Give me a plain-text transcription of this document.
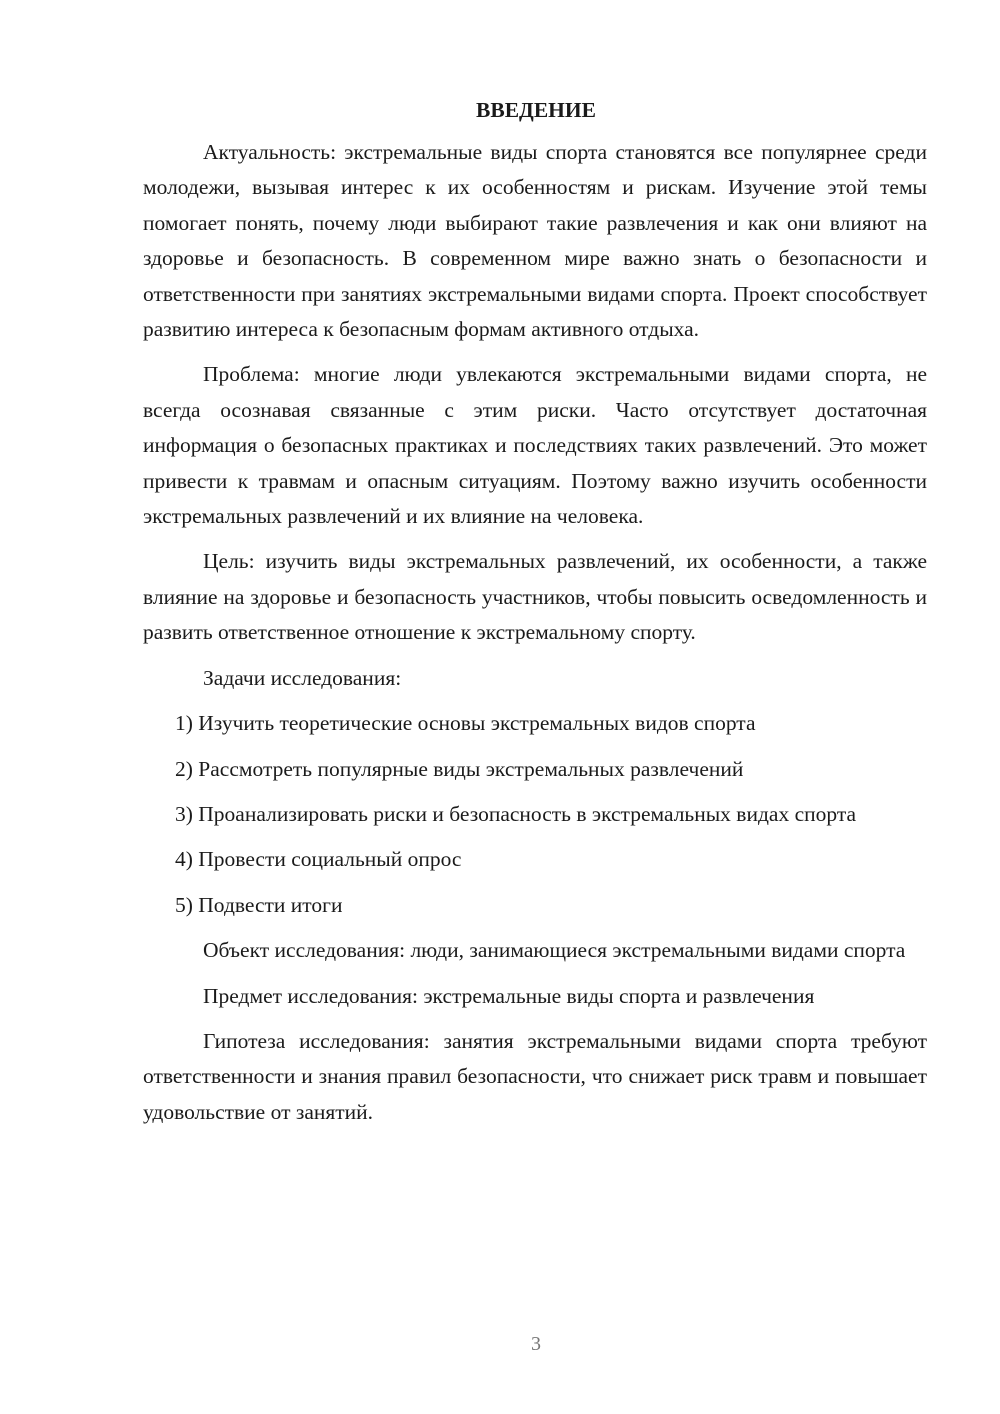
ВВЕДЕНИЕ

Актуальность: экстремальные виды спорта становятся все популярнее среди молодежи, вызывая интерес к их особенностям и рискам. Изучение этой темы помогает понять, почему люди выбирают такие развлечения и как они влияют на здоровье и безопасность. В современном мире важно знать о безопасности и ответственности при занятиях экстремальными видами спорта. Проект способствует развитию интереса к безопасным формам активного отдыха.

Проблема: многие люди увлекаются экстремальными видами спорта, не всегда осознавая связанные с этим риски. Часто отсутствует достаточная информация о безопасных практиках и последствиях таких развлечений. Это может привести к травмам и опасным ситуациям. Поэтому важно изучить особенности экстремальных развлечений и их влияние на человека.

Цель: изучить виды экстремальных развлечений, их особенности, а также влияние на здоровье и безопасность участников, чтобы повысить осведомленность и развить ответственное отношение к экстремальному спорту.

Задачи исследования:

1) Изучить теоретические основы экстремальных видов спорта

2) Рассмотреть популярные виды экстремальных развлечений

3) Проанализировать риски и безопасность в экстремальных видах спорта

4) Провести социальный опрос

5) Подвести итоги

Объект исследования: люди, занимающиеся экстремальными видами спорта

Предмет исследования: экстремальные виды спорта и развлечения

Гипотеза исследования: занятия экстремальными видами спорта требуют ответственности и знания правил безопасности, что снижает риск травм и повышает удовольствие от занятий.

3
